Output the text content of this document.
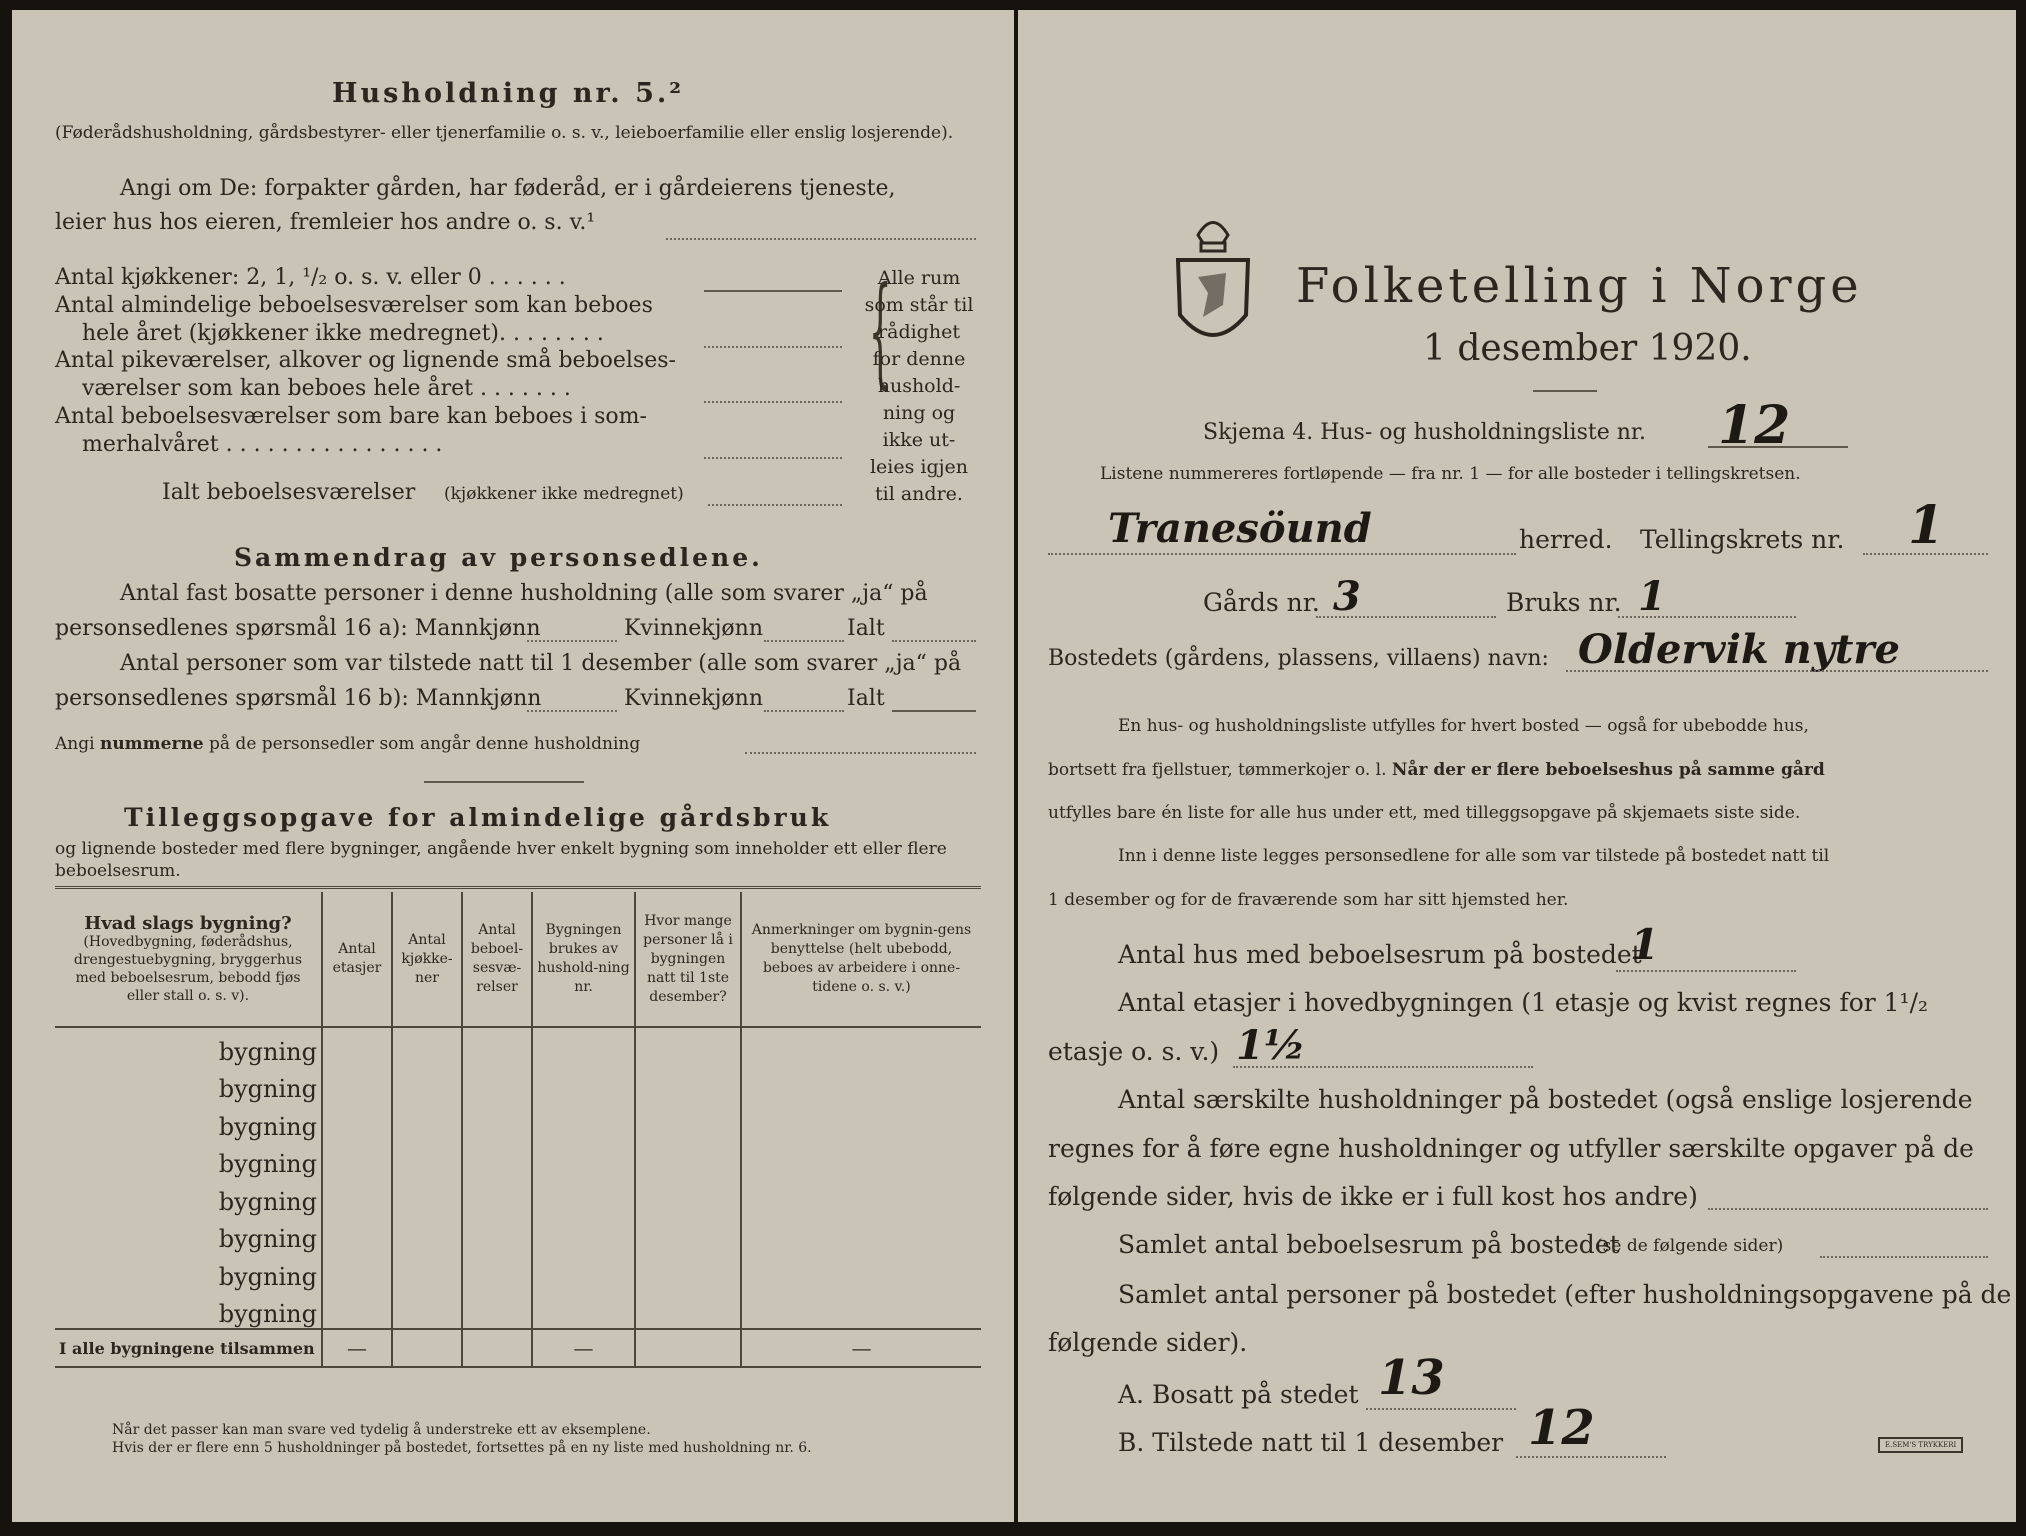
Husholdning nr. 5.²
(Føderådshusholdning, gårdsbestyrer- eller tjenerfamilie o. s. v., leieboerfamilie eller enslig losjerende).
Angi om De: forpakter gården, har føderåd, er i gårdeierens tjeneste,
leier hus hos eieren, fremleier hos andre o. s. v.¹
Antal kjøkkener: 2, 1, ¹/₂ o. s. v. eller 0 . . . . . .
Antal almindelige beboelsesværelser som kan beboes
hele året (kjøkkener ikke medregnet). . . . . . . .
Antal pikeværelser, alkover og lignende små beboelses-
værelser som kan beboes hele året . . . . . . .
Antal beboelsesværelser som bare kan beboes i som-
merhalvåret . . . . . . . . . . . . . . . .
{
Alle rum som står til rådighet for denne hushold-ning og ikke ut-leies igjen til andre.
Ialt beboelsesværelser (kjøkkener ikke medregnet)
Sammendrag av personsedlene.
Antal fast bosatte personer i denne husholdning (alle som svarer „ja“ på
personsedlenes spørsmål 16 a): Mannkjønn	Kvinnekjønn	Ialt
Antal personer som var tilstede natt til 1 desember (alle som svarer „ja“ på
personsedlenes spørsmål 16 b): Mannkjønn	Kvinnekjønn	Ialt
Angi nummerne på de personsedler som angår denne husholdning
Tilleggsopgave for almindelige gårdsbruk
og lignende bosteder med flere bygninger, angående hver enkelt bygning som inneholder ett eller flere beboelsesrum.
Hvad slags bygning?
(Hovedbygning, føderådshus, drengestuebygning, bryggerhus med beboelsesrum, bebodd fjøs eller stall o. s. v).	Antal etasjer	Antal kjøkke-ner	Antal beboel-sesvæ-relser	Bygningen brukes av hushold-ning nr.	Hvor mange personer lå i bygningen natt til 1ste desember?	Anmerkninger om bygnin-gens benyttelse (helt ubebodd, beboes av arbeidere i onne-tidene o. s. v.)
bygning						
bygning						
bygning						
bygning						
bygning						
bygning						
bygning						
bygning						
I alle bygningene tilsammen	—			—		—
Når det passer kan man svare ved tydelig å understreke ett av eksemplene.
Hvis der er flere enn 5 husholdninger på bostedet, fortsettes på en ny liste med husholdning nr. 6.
Folketelling i Norge
1 desember 1920.
Skjema 4. Hus- og husholdningsliste nr. 12
Listene nummereres fortløpende — fra nr. 1 — for alle bosteder i tellingskretsen.
Tranesöund	herred. Tellingskrets nr. 1
Gårds nr. 3	Bruks nr. 1
Bostedets (gårdens, plassens, villaens) navn: Oldervik nytre
En hus- og husholdningsliste utfylles for hvert bosted — også for ubebodde hus,
bortsett fra fjellstuer, tømmerkojer o. l. Når der er flere beboelseshus på samme gård
utfylles bare én liste for alle hus under ett, med tilleggsopgave på skjemaets siste side.
Inn i denne liste legges personsedlene for alle som var tilstede på bostedet natt til
1 desember og for de fraværende som har sitt hjemsted her.
Antal hus med beboelsesrum på bostedet
1
Antal etasjer i hovedbygningen (1 etasje og kvist regnes for 1¹/₂
etasje o. s. v.) 1½
Antal særskilte husholdninger på bostedet (også enslige losjerende
regnes for å føre egne husholdninger og utfyller særskilte opgaver på de
følgende sider, hvis de ikke er i full kost hos andre)
Samlet antal beboelsesrum på bostedet
(se de følgende sider)
Samlet antal personer på bostedet (efter husholdningsopgavene på de
følgende sider).
A. Bosatt på stedet 13
B. Tilstede natt til 1 desember 12	E.SEM'S TRYKKERI
